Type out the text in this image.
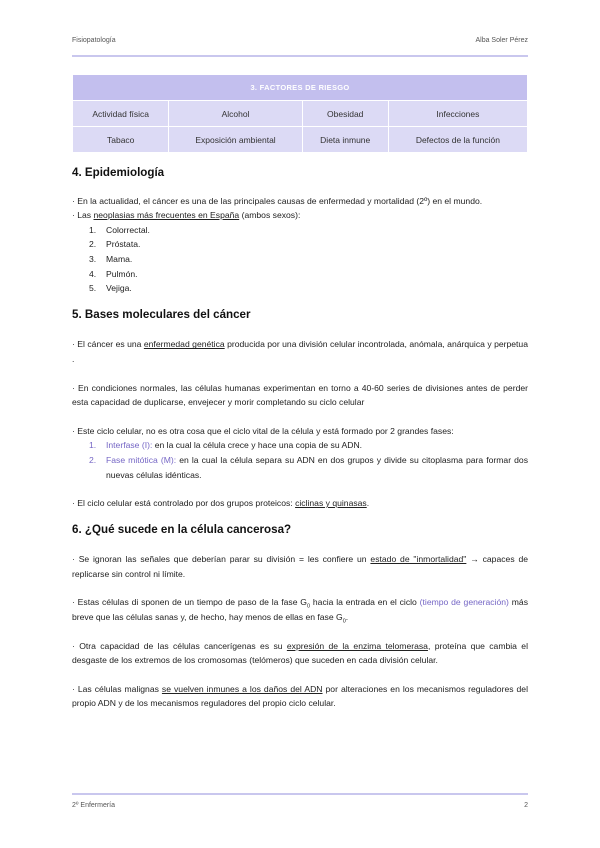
Fisiopatología	Alba Soler Pérez
3. FACTORES DE RIESGO			
Actividad física	Alcohol	Obesidad	Infecciones
Tabaco	Exposición ambiental	Dieta inmune	Defectos de la función
4. Epidemiología

· En la actualidad, el cáncer es una de las principales causas de enfermedad y mortalidad (2º) en el mundo.

· Las neoplasias más frecuentes en España (ambos sexos):

1.	Colorrectal.
2.	Próstata.
3.	Mama.
4.	Pulmón.
5.	Vejiga.
5. Bases moleculares del cáncer

· El cáncer es una enfermedad genética producida por una división celular incontrolada, anómala, anárquica y perpetua .

· En condiciones normales, las células humanas experimentan en torno a 40-60 series de divisiones antes de perder esta capacidad de duplicarse, envejecer y morir completando su ciclo celular

· Este ciclo celular, no es otra cosa que el ciclo vital de la célula y está formado por 2 grandes fases:

1.	Interfase (I): en la cual la célula crece y hace una copia de su ADN.
2.	Fase mitótica (M): en la cual la célula separa su ADN en dos grupos y divide su citoplasma para formar dos nuevas células idénticas.

· El ciclo celular está controlado por dos grupos proteicos: ciclinas y quinasas.

6. ¿Qué sucede en la célula cancerosa?

· Se ignoran las señales que deberían parar su división = les confiere un estado de "inmortalidad" → capaces de replicarse sin control ni límite.

· Estas células di sponen de un tiempo de paso de la fase $G_0$ hacia la entrada en el ciclo (tiempo de generación) más breve que las células sanas y, de hecho, hay menos de ellas en fase $G_0$.

· Otra capacidad de las células cancerígenas es su expresión de la enzima telomerasa, proteína que cambia el desgaste de los extremos de los cromosomas (telómeros) que suceden en cada división celular.

· Las células malignas se vuelven inmunes a los daños del ADN por alteraciones en los mecanismos reguladores del propio ADN y de los mecanismos reguladores del propio ciclo celular.

2º Enfermería	2
